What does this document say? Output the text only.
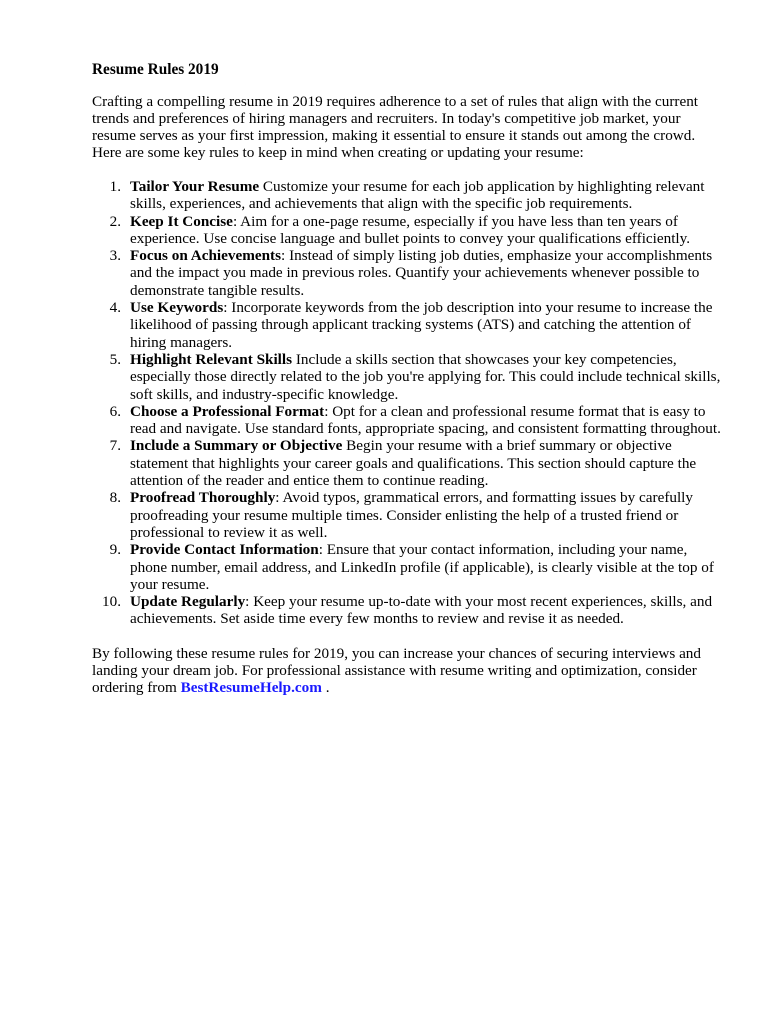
Resume Rules 2019

Crafting a compelling resume in 2019 requires adherence to a set of rules that align with the current trends and preferences of hiring managers and recruiters. In today's competitive job market, your resume serves as your first impression, making it essential to ensure it stands out among the crowd. Here are some key rules to keep in mind when creating or updating your resume:

1. Tailor Your Resume Customize your resume for each job application by highlighting relevant skills, experiences, and achievements that align with the specific job requirements.
2. Keep It Concise: Aim for a one-page resume, especially if you have less than ten years of experience. Use concise language and bullet points to convey your qualifications efficiently.
3. Focus on Achievements: Instead of simply listing job duties, emphasize your accomplishments and the impact you made in previous roles. Quantify your achievements whenever possible to demonstrate tangible results.
4. Use Keywords: Incorporate keywords from the job description into your resume to increase the likelihood of passing through applicant tracking systems (ATS) and catching the attention of hiring managers.
5. Highlight Relevant Skills Include a skills section that showcases your key competencies, especially those directly related to the job you're applying for. This could include technical skills, soft skills, and industry-specific knowledge.
6. Choose a Professional Format: Opt for a clean and professional resume format that is easy to read and navigate. Use standard fonts, appropriate spacing, and consistent formatting throughout.
7. Include a Summary or Objective Begin your resume with a brief summary or objective statement that highlights your career goals and qualifications. This section should capture the attention of the reader and entice them to continue reading.
8. Proofread Thoroughly: Avoid typos, grammatical errors, and formatting issues by carefully proofreading your resume multiple times. Consider enlisting the help of a trusted friend or professional to review it as well.
9. Provide Contact Information: Ensure that your contact information, including your name, phone number, email address, and LinkedIn profile (if applicable), is clearly visible at the top of your resume.
10. Update Regularly: Keep your resume up-to-date with your most recent experiences, skills, and achievements. Set aside time every few months to review and revise it as needed.

By following these resume rules for 2019, you can increase your chances of securing interviews and landing your dream job. For professional assistance with resume writing and optimization, consider ordering from BestResumeHelp.com .
